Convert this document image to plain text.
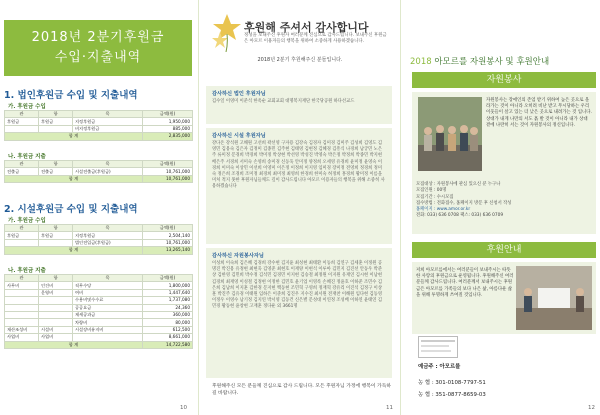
2018년 2분기후원금
수입·지출내역
1. 법인후원금 수입 및 지출내역
가. 후원금 수입
관	항	목	금액(원)
후원금	후원금	지정후원금	1,950,000
		비지정후원금	885,000
합 계			2,835,000
나. 후원금 지출
관	항	목	금액(원)
전출금	전출금	시설전출금(후원금)	10,761,000
합 계			10,761,000
2. 시설후원금 수입 및 지출내역
가. 후원금 수입
관	항	목	금액(원)
후원금	후원금	지정후원금	2,504,140
		법인전입금(후원금)	10,761,000
합 계			13,265,140
나. 후원금 지출
관	항	목	금액(원)
사무비	인건비	직무수당	1,800,000
	운영비	여비	1,447,640
		수용비및수수료	1,737,080
		공공요금	24,360
		제세공과금	360,000
		차량비	80,000
재산조성비	시설비	시설장비유지비	612,500
사업비	사업비		8,661,000
합 계			14,722,580
10
후원해 주셔서 감사합니다
정성을 보내주신 후원자 여러분께 진심으로 감사드립니다. 보내주신 후원금은 아모르 이용자들의 행복을 위하여 소중하게 사용하겠습니다.
2018년 2분기 후원해주신 분들입니다.
감사하신 법인 후원자님
김수일 이영미 이준석 한옥순 교회교회 대명복지재단 한국당공원 하다선교드
감사하신 시설 후원자님
강다온 강석원 고해원 고선희 곽선영 구자용 김강숙 김경자 김미경 김미주 김성희 김영도 김영민 김용숙 김은자 김정미 김종민 김주현 김태영 김현정 김혜경 김흥식 나경희 남궁민 노은주 류미정 문경희 박경희 박미정 박상현 박선영 박성진 박영숙 박은정 박정희 박종민 박지현 배은주 서경희 서미숙 손영희 송미경 신동욱 안미정 양정희 오세영 유경희 윤미정 윤영숙 이경희 이미숙 이상민 이선희 이영미 이은정 이정희 이지영 임미경 장미정 전영희 정경희 정미숙 정은희 조경희 조미정 최경희 최미정 최영희 한경희 한미숙 허정희 홍경희 황미정 이름을 미처 적지 못한 후원자님들께도 깊이 감사드립니다 아모르 이용자들의 행복을 위해 소중히 사용하겠습니다
감사하신 자원봉사자님
이성희 이숙희 김은혜 김경희 강수현 김지윤 최성현 최태환 이동희 김연구 김세훈 이정원 공명진 박진용 유정현 최현욱 김영준 최현호 이재양 이현석 이루아 김민지 김진선 안동우 박준상 김한영 김민희 박수정 김석민 김경민 이지현 김승철 최정원 이지원 유재연 김시현 이남현 김경희 최재영 이성철 김정현 이정한 김민호 윤기업 이영록 손혜진 정윤호 이하준 조민수 김은희 김남희 이지훈 김한경 문지현 백동현 조민혁 구영희 정재혁 강유리 이진석 김정구 이상훈 박진주 김유경 이태원 임하은 이준희 김진우 지수진 최서원 전재찬 이해원 임다현 김동영 이정우 이영수 남기정 김지연 박서영 김동건 신은별 문성대 이연정 조성배 이하연 윤태연 김민경 황동현 윤창현 고재훈 정다운 외 3661명
후원해주신 모든 분들께 진심으로 감사 드립니다. 모든 후원자님 가정에 행복이 가득하길 바랍니다.
11
2018 아모르를 자원봉사 및 후원안내
자원봉사
자원봉사는 장애인의 존엄 받기 위하여 높은 곳으로 올라가는 것이 아니라 오히려 비난 받고 무시당하는 우리 이웃들이 살고 있는 더 낮은 곳으로 내려가는 것 입니다. 상대가 내게 나만의 서도 흙 발 것이 아니라 내가 상대 곁에 나란히 서는 것이 자원봉사의 정신입니다.
모집대상 : 자원봉사에 관심 있으신 분 누구나
모집인원 : 00명
모집기간 : 수시모집
접수방법 : 전화접수, 홈페이지 방문 후 신청서 작성
홈페이지 : www.amor.or.kr
전화: 033) 636 0708 팩스: 033) 636 0709
후원안내
저희 아모르를에서는 여러분들이 보내주시는 따뜻한 사랑의 후원금으로 운영됩니다. 후원해주신 여러분들께 감사드립니다. 여러분께서 보내주시는 후원금은 아모르를 가족들의 보다 나은 삶, 아름다운 삶을 위해 투명하게 쓰여질 것입니다.
예금주 : 아모르를
농 협 : 301-0108-7797-51
농 협 : 351-0877-8659-03
12
